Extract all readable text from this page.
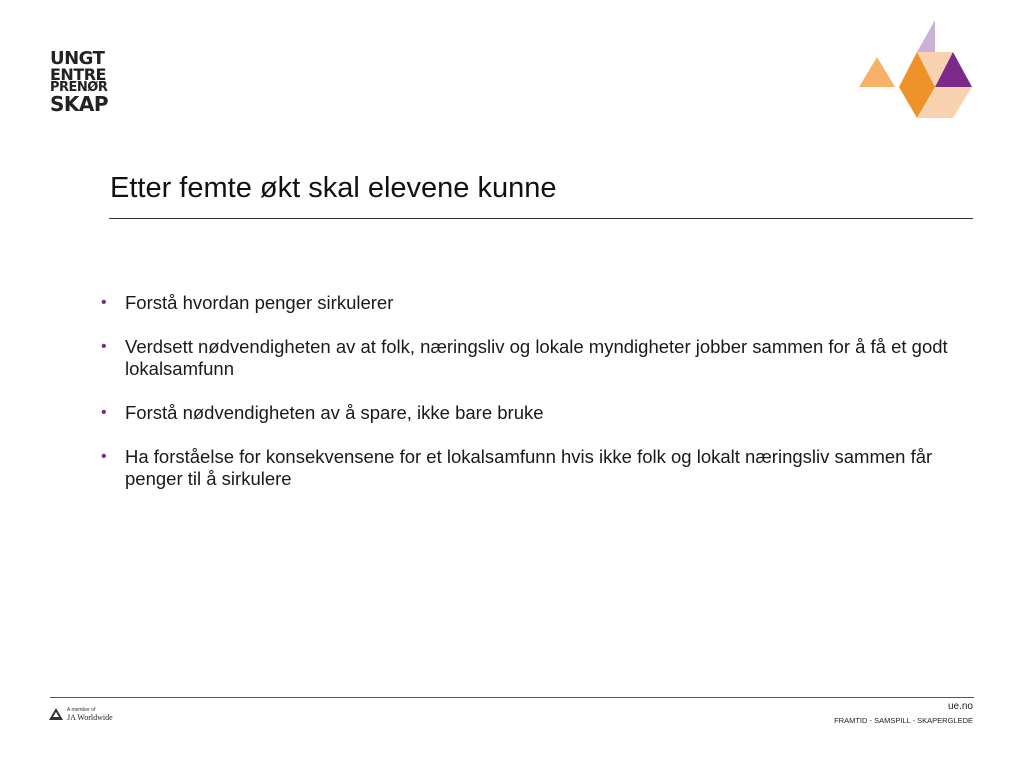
UNGT
ENTRE
PRENØR
SKAP
Etter femte økt skal elevene kunne
• Forstå hvordan penger sirkulerer
• Verdsett nødvendigheten av at folk, næringsliv og lokale myndigheter jobber sammen for å få et godt lokalsamfunn
• Forstå nødvendigheten av å spare, ikke bare bruke
• Ha forståelse for konsekvensene for et lokalsamfunn hvis ikke folk og lokalt næringsliv sammen får penger til å sirkulere
A member of
JA Worldwide
ue.no
FRAMTID - SAMSPILL - SKAPERGLEDE
